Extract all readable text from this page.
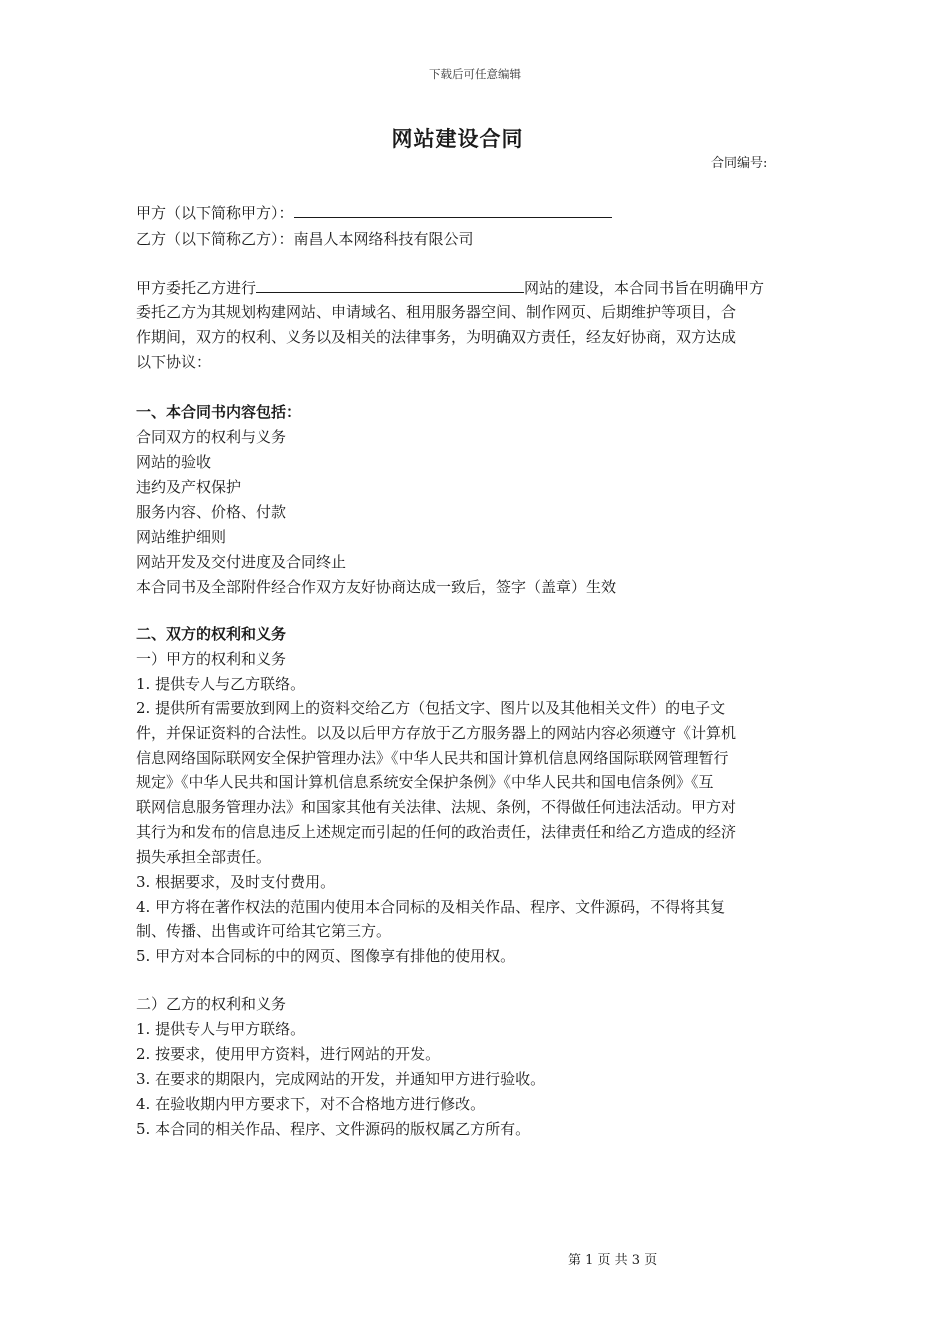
下载后可任意编辑
网站建设合同
合同编号:
甲方（以下简称甲方）：
乙方（以下简称乙方）：南昌人本网络科技有限公司
甲方委托乙方进行	网站的建设，本合同书旨在明确甲方
委托乙方为其规划构建网站、申请域名、租用服务器空间、制作网页、后期维护等项目，合
作期间，双方的权利、义务以及相关的法律事务，为明确双方责任，经友好协商，双方达成
以下协议：
一、本合同书内容包括：
合同双方的权利与义务
网站的验收
违约及产权保护
服务内容、价格、付款
网站维护细则
网站开发及交付进度及合同终止
本合同书及全部附件经合作双方友好协商达成一致后，签字（盖章）生效
二、双方的权利和义务
一）甲方的权利和义务
1. 提供专人与乙方联络。
2. 提供所有需要放到网上的资料交给乙方（包括文字、图片以及其他相关文件）的电子文
件，并保证资料的合法性。以及以后甲方存放于乙方服务器上的网站内容必须遵守《计算机
信息网络国际联网安全保护管理办法》《中华人民共和国计算机信息网络国际联网管理暂行
规定》《中华人民共和国计算机信息系统安全保护条例》《中华人民共和国电信条例》《互
联网信息服务管理办法》和国家其他有关法律、法规、条例，不得做任何违法活动。甲方对
其行为和发布的信息违反上述规定而引起的任何的政治责任，法律责任和给乙方造成的经济
损失承担全部责任。
3. 根据要求，及时支付费用。
4. 甲方将在著作权法的范围内使用本合同标的及相关作品、程序、文件源码，不得将其复
制、传播、出售或许可给其它第三方。
5. 甲方对本合同标的中的网页、图像享有排他的使用权。
二）乙方的权利和义务
1. 提供专人与甲方联络。
2. 按要求，使用甲方资料，进行网站的开发。
3. 在要求的期限内，完成网站的开发，并通知甲方进行验收。
4. 在验收期内甲方要求下，对不合格地方进行修改。
5. 本合同的相关作品、程序、文件源码的版权属乙方所有。
第 1 页 共 3 页
